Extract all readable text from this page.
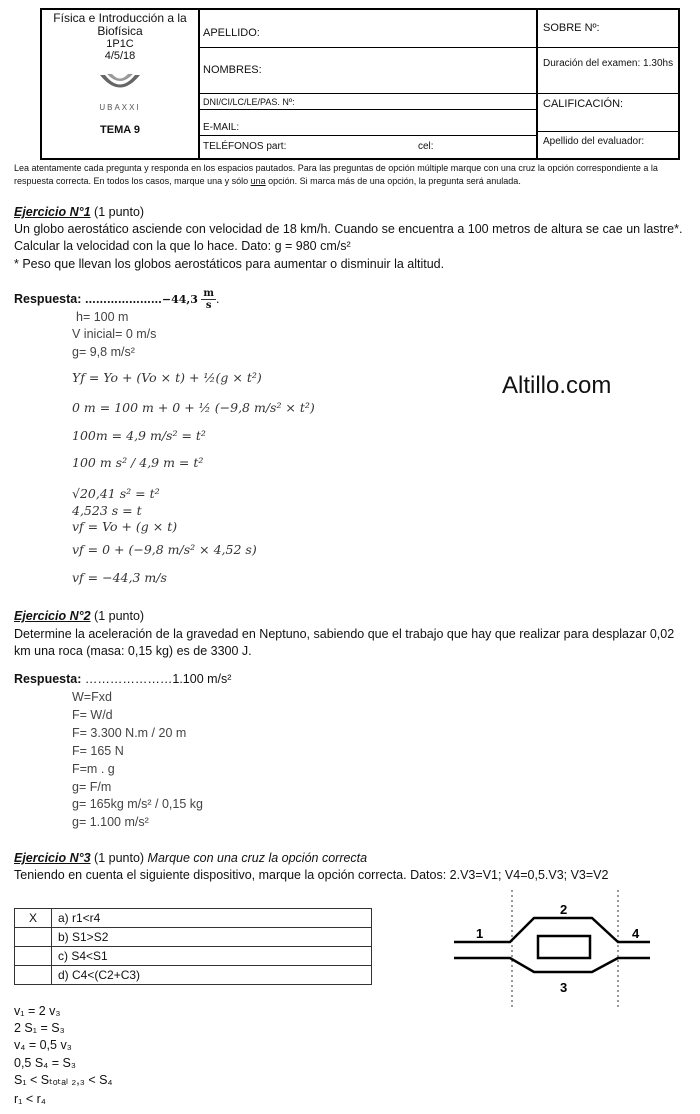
Física e Introducción a la Biofísica
1P1C
4/5/18
UBAXXI
TEMA 9
APELLIDO:
NOMBRES:
DNI/CI/LC/LE/PAS. Nº:
E-MAIL:
TELÉFONOS part:	cel:
SOBRE Nº:
Duración del examen: 1.30hs
CALIFICACIÓN:
Apellido del evaluador:
Lea atentamente cada pregunta y responda en los espacios pautados. Para las preguntas de opción múltiple marque con una cruz la opción correspondiente a la respuesta correcta. En todos los casos, marque una y sólo una opción. Si marca más de una opción, la pregunta será anulada.
Altillo.com
Ejercicio N°1 (1 punto)
Un globo aerostático asciende con velocidad de 18 km/h. Cuando se encuentra a 100 metros de altura se cae un lastre*. Calcular la velocidad con la que lo hace. Dato: g = 980 cm/s²
* Peso que llevan los globos aerostáticos para aumentar o disminuir la altitud.
Respuesta: …………………−44,3 $\frac{m}{s}$ .
h= 100 m
V inicial= 0 m/s
g= 9,8 m/s²
Yf = Yo + (Vo × t) + ½(g × t²)
0 m = 100 m + 0 + ½ (−9,8 m/s² × t²)
100m = 4,9 m/s² = t²
100 m s² / 4,9 m = t²
√20,41 s² = t²
4,523 s = t
vf = Vo + (g × t)
vf = 0 + (−9,8 m/s² × 4,52 s)
vf = −44,3 m/s
Ejercicio N°2 (1 punto)
Determine la aceleración de la gravedad en Neptuno, sabiendo que el trabajo que hay que realizar para desplazar 0,02 km una roca (masa: 0,15 kg) es de 3300 J.
Respuesta: …………………1.100 m/s²
W=Fxd
F= W/d
F= 3.300 N.m / 20 m
F= 165 N
F=m . g
g= F/m
g= 165kg m/s² / 0,15 kg
g= 1.100 m/s²
Ejercicio N°3 (1 punto) Marque con una cruz la opción correcta
Teniendo en cuenta el siguiente dispositivo, marque la opción correcta. Datos: 2.V3=V1; V4=0,5.V3; V3=V2
X	a) r1<r4
	b) S1>S2
	c) S4<S1
	d) C4<(C2+C3)
1
2
3
4
v₁ = 2 v₃
2 S₁ = S₃
v₄ = 0,5 v₃
0,5 S₄ = S₃
S₁ < Sₜₒₜₐₗ ₂,₃ < S₄
r₁ < r₄
